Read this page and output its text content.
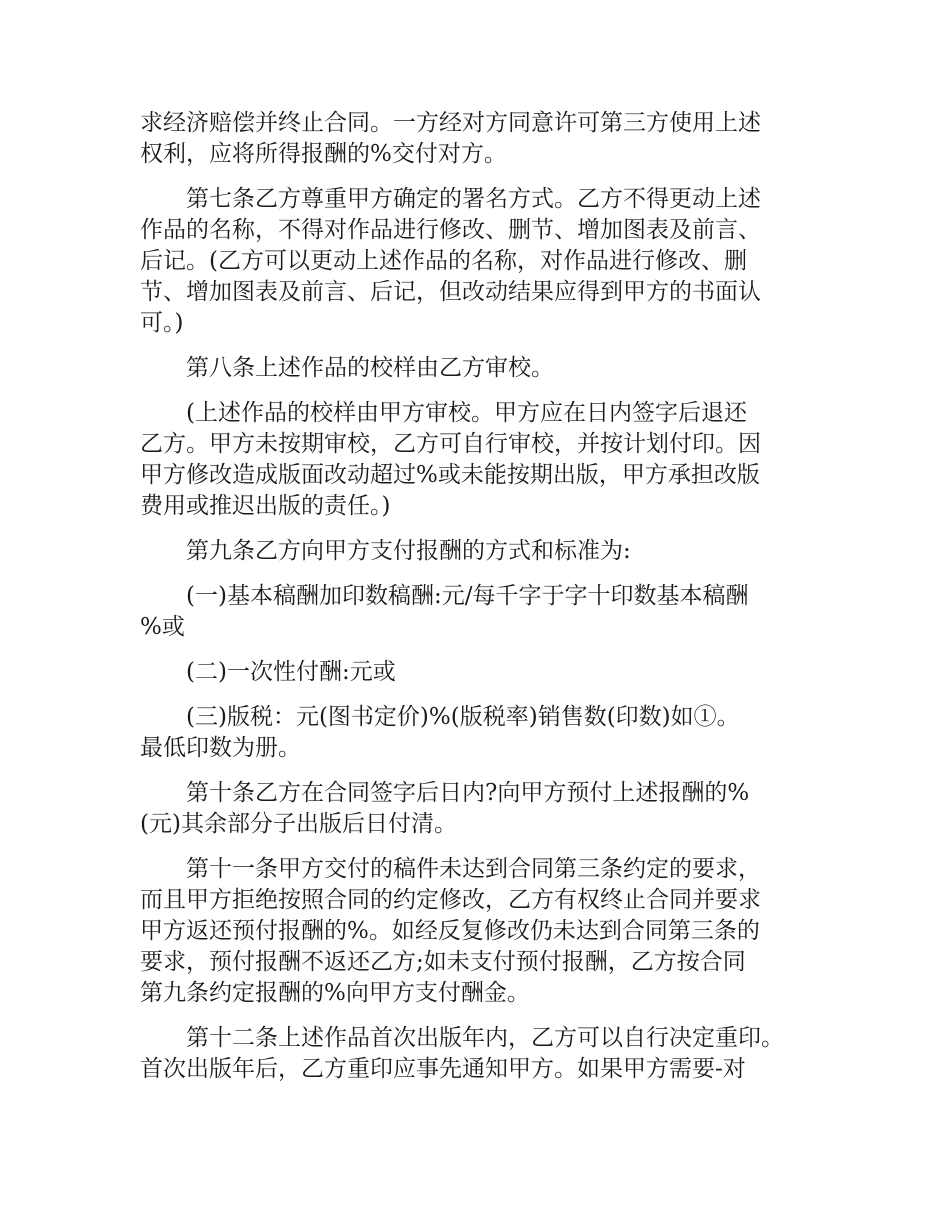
求经济赔偿并终止合同。一方经对方同意许可第三方使用上述
权利，应将所得报酬的%交付对方。

第七条乙方尊重甲方确定的署名方式。乙方不得更动上述
作品的名称，不得对作品进行修改、删节、增加图表及前言、
后记。(乙方可以更动上述作品的名称，对作品进行修改、删
节、增加图表及前言、后记，但改动结果应得到甲方的书面认
可。)

第八条上述作品的校样由乙方审校。

(上述作品的校样由甲方审校。甲方应在日内签字后退还
乙方。甲方未按期审校，乙方可自行审校，并按计划付印。因
甲方修改造成版面改动超过%或未能按期出版，甲方承担改版
费用或推迟出版的责任。)

第九条乙方向甲方支付报酬的方式和标准为:

(一)基本稿酬加印数稿酬:元/每千字于字十印数基本稿酬
%或

(二)一次性付酬:元或

(三)版税：元(图书定价)%(版税率)销售数(印数)如①。
最低印数为册。

第十条乙方在合同签字后日内?向甲方预付上述报酬的%
(元)其余部分子出版后日付清。

第十一条甲方交付的稿件未达到合同第三条约定的要求，
而且甲方拒绝按照合同的约定修改，乙方有权终止合同并要求
甲方返还预付报酬的%。如经反复修改仍未达到合同第三条的
要求，预付报酬不返还乙方;如未支付预付报酬，乙方按合同
第九条约定报酬的%向甲方支付酬金。

第十二条上述作品首次出版年内，乙方可以自行决定重印。
首次出版年后，乙方重印应事先通知甲方。如果甲方需要-对
